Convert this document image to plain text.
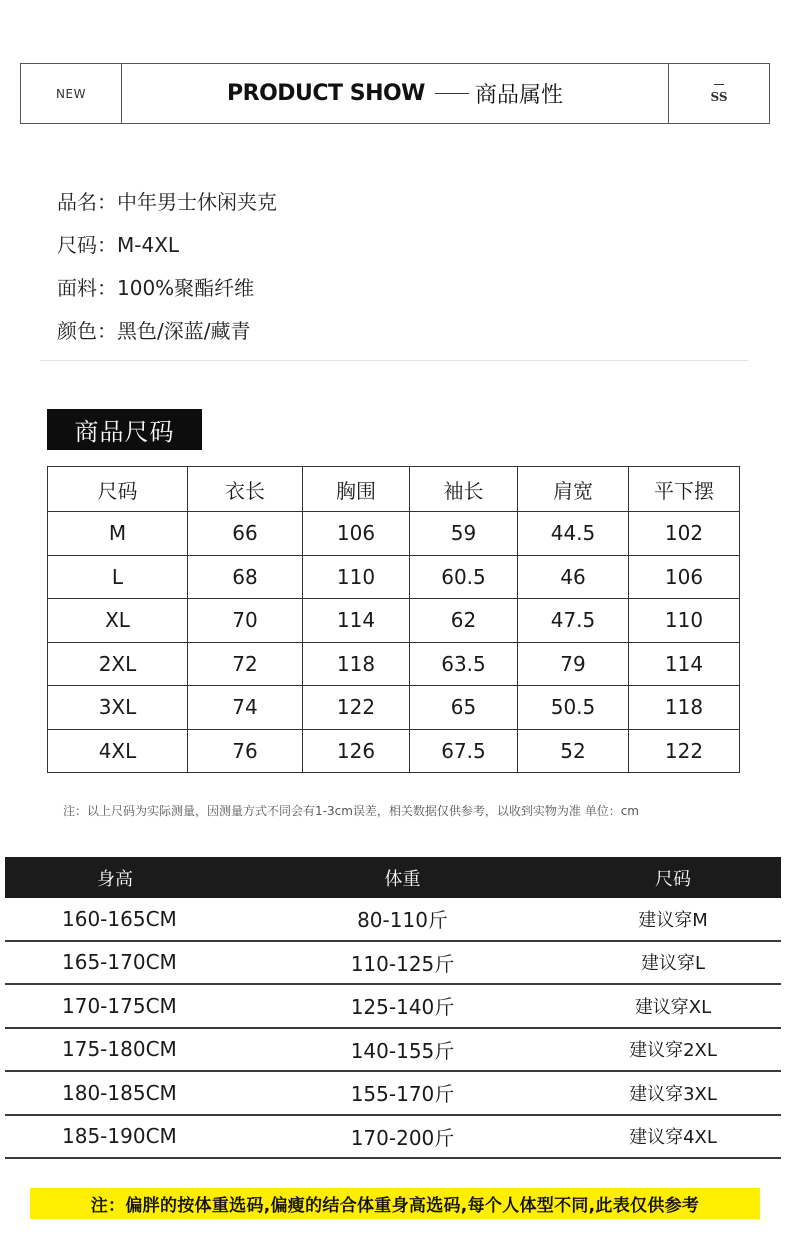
NEW	PRODUCT SHOW 商品属性	SS
品名：中年男士休闲夹克
尺码：M-4XL
面料：100%聚酯纤维
颜色：黑色/深蓝/藏青
商品尺码
尺码	衣长	胸围	袖长	肩宽	平下摆
M	66	106	59	44.5	102
L	68	110	60.5	46	106
XL	70	114	62	47.5	110
2XL	72	118	63.5	79	114
3XL	74	122	65	50.5	118
4XL	76	126	67.5	52	122
注：以上尺码为实际测量，因测量方式不同会有1-3cm误差，相关数据仅供参考，以收到实物为准 单位：cm
身高	体重	尺码
160-165CM	80-110斤	建议穿M
165-170CM	110-125斤	建议穿L
170-175CM	125-140斤	建议穿XL
175-180CM	140-155斤	建议穿2XL
180-185CM	155-170斤	建议穿3XL
185-190CM	170-200斤	建议穿4XL
注：偏胖的按体重选码,偏瘦的结合体重身高选码,每个人体型不同,此表仅供参考
